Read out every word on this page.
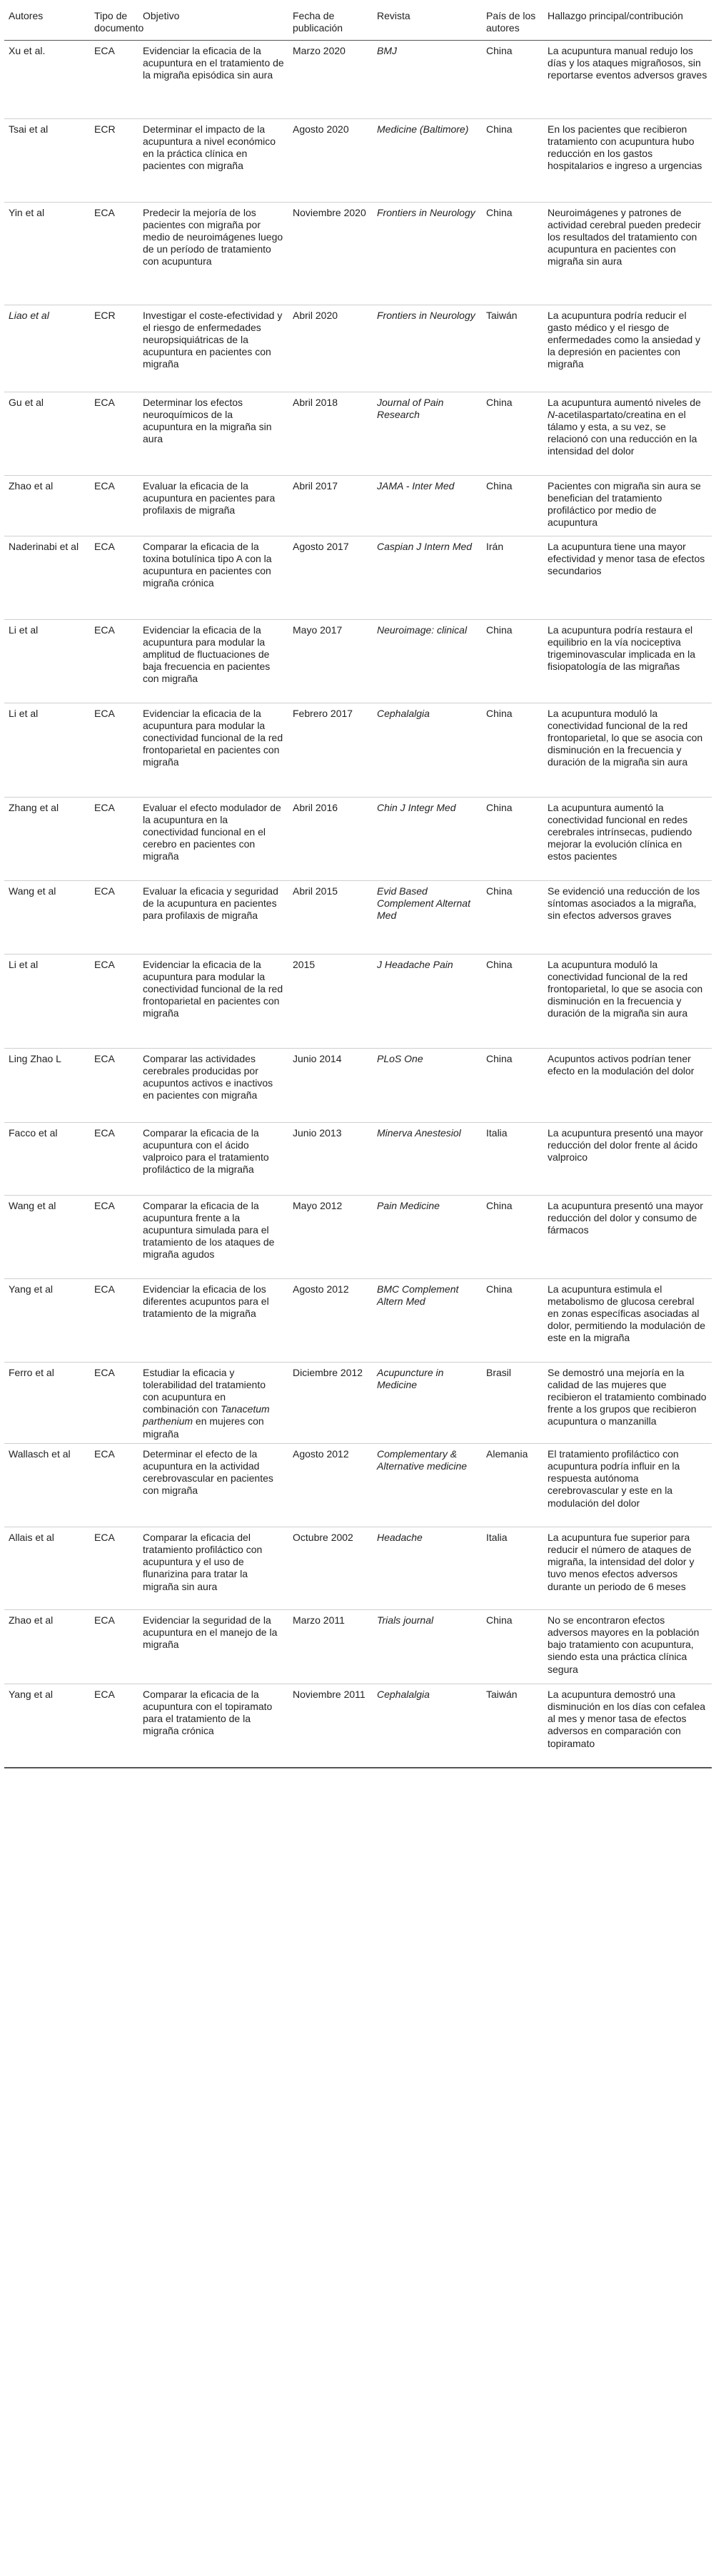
Autores	Tipo de documento	Objetivo	Fecha de publicación	Revista	País de los autores	Hallazgo principal/contribución
Xu et al.	ECA	Evidenciar la eficacia de la acupuntura en el tratamiento de la migraña episódica sin aura	Marzo 2020	BMJ	China	La acupuntura manual redujo los días y los ataques migrañosos, sin reportarse eventos adversos graves
Tsai et al	ECR	Determinar el impacto de la acupuntura a nivel económico en la práctica clínica en pacientes con migraña	Agosto 2020	Medicine (Baltimore)	China	En los pacientes que recibieron tratamiento con acupuntura hubo reducción en los gastos hospitalarios e ingreso a urgencias
Yin et al	ECA	Predecir la mejoría de los pacientes con migraña por medio de neuroimágenes luego de un período de tratamiento con acupuntura	Noviembre 2020	Frontiers in Neurology	China	Neuroimágenes y patrones de actividad cerebral pueden predecir los resultados del tratamiento con acupuntura en pacientes con migraña sin aura
Liao et al	ECR	Investigar el coste-efectividad y el riesgo de enfermedades neuropsiquiátricas de la acupuntura en pacientes con migraña	Abril 2020	Frontiers in Neurology	Taiwán	La acupuntura podría reducir el gasto médico y el riesgo de enfermedades como la ansiedad y la depresión en pacientes con migraña
Gu et al	ECA	Determinar los efectos neuroquímicos de la acupuntura en la migraña sin aura	Abril 2018	Journal of Pain Research	China	La acupuntura aumentó niveles de N-acetilaspartato/creatina en el tálamo y esta, a su vez, se relacionó con una reducción en la intensidad del dolor
Zhao et al	ECA	Evaluar la eficacia de la acupuntura en pacientes para profilaxis de migraña	Abril 2017	JAMA - Inter Med	China	Pacientes con migraña sin aura se benefician del tratamiento profiláctico por medio de acupuntura
Naderinabi et al	ECA	Comparar la eficacia de la toxina botulínica tipo A con la acupuntura en pacientes con migraña crónica	Agosto 2017	Caspian J Intern Med	Irán	La acupuntura tiene una mayor efectividad y menor tasa de efectos secundarios
Li et al	ECA	Evidenciar la eficacia de la acupuntura para modular la amplitud de fluctuaciones de baja frecuencia en pacientes con migraña	Mayo 2017	Neuroimage: clinical	China	La acupuntura podría restaura el equilibrio en la vía nociceptiva trigeminovascular implicada en la fisiopatología de las migrañas
Li et al	ECA	Evidenciar la eficacia de la acupuntura para modular la conectividad funcional de la red frontoparietal en pacientes con migraña	Febrero 2017	Cephalalgia	China	La acupuntura moduló la conectividad funcional de la red frontoparietal, lo que se asocia con disminución en la frecuencia y duración de la migraña sin aura
Zhang et al	ECA	Evaluar el efecto modulador de la acupuntura en la conectividad funcional en el cerebro en pacientes con migraña	Abril 2016	Chin J Integr Med	China	La acupuntura aumentó la conectividad funcional en redes cerebrales intrínsecas, pudiendo mejorar la evolución clínica en estos pacientes
Wang et al	ECA	Evaluar la eficacia y seguridad de la acupuntura en pacientes para profilaxis de migraña	Abril 2015	Evid Based Complement Alternat Med	China	Se evidenció una reducción de los síntomas asociados a la migraña, sin efectos adversos graves
Li et al	ECA	Evidenciar la eficacia de la acupuntura para modular la conectividad funcional de la red frontoparietal en pacientes con migraña	2015	J Headache Pain	China	La acupuntura moduló la conectividad funcional de la red frontoparietal, lo que se asocia con disminución en la frecuencia y duración de la migraña sin aura
Ling Zhao L	ECA	Comparar las actividades cerebrales producidas por acupuntos activos e inactivos en pacientes con migraña	Junio 2014	PLoS One	China	Acupuntos activos podrían tener efecto en la modulación del dolor
Facco et al	ECA	Comparar la eficacia de la acupuntura con el ácido valproico para el tratamiento profiláctico de la migraña	Junio 2013	Minerva Anestesiol	Italia	La acupuntura presentó una mayor reducción del dolor frente al ácido valproico
Wang et al	ECA	Comparar la eficacia de la acupuntura frente a la acupuntura simulada para el tratamiento de los ataques de migraña agudos	Mayo 2012	Pain Medicine	China	La acupuntura presentó una mayor reducción del dolor y consumo de fármacos
Yang et al	ECA	Evidenciar la eficacia de los diferentes acupuntos para el tratamiento de la migraña	Agosto 2012	BMC Complement Altern Med	China	La acupuntura estimula el metabolismo de glucosa cerebral en zonas específicas asociadas al dolor, permitiendo la modulación de este en la migraña
Ferro et al	ECA	Estudiar la eficacia y tolerabilidad del tratamiento con acupuntura en combinación con Tanacetum parthenium en mujeres con migraña	Diciembre 2012	Acupuncture in Medicine	Brasil	Se demostró una mejoría en la calidad de las mujeres que recibieron el tratamiento combinado frente a los grupos que recibieron acupuntura o manzanilla
Wallasch et al	ECA	Determinar el efecto de la acupuntura en la actividad cerebrovascular en pacientes con migraña	Agosto 2012	Complementary & Alternative medicine	Alemania	El tratamiento profiláctico con acupuntura podría influir en la respuesta autónoma cerebrovascular y este en la modulación del dolor
Allais et al	ECA	Comparar la eficacia del tratamiento profiláctico con acupuntura y el uso de flunarizina para tratar la migraña sin aura	Octubre 2002	Headache	Italia	La acupuntura fue superior para reducir el número de ataques de migraña, la intensidad del dolor y tuvo menos efectos adversos durante un periodo de 6 meses
Zhao et al	ECA	Evidenciar la seguridad de la acupuntura en el manejo de la migraña	Marzo 2011	Trials journal	China	No se encontraron efectos adversos mayores en la población bajo tratamiento con acupuntura, siendo esta una práctica clínica segura
Yang et al	ECA	Comparar la eficacia de la acupuntura con el topiramato para el tratamiento de la migraña crónica	Noviembre 2011	Cephalalgia	Taiwán	La acupuntura demostró una disminución en los días con cefalea al mes y menor tasa de efectos adversos en comparación con topiramato
